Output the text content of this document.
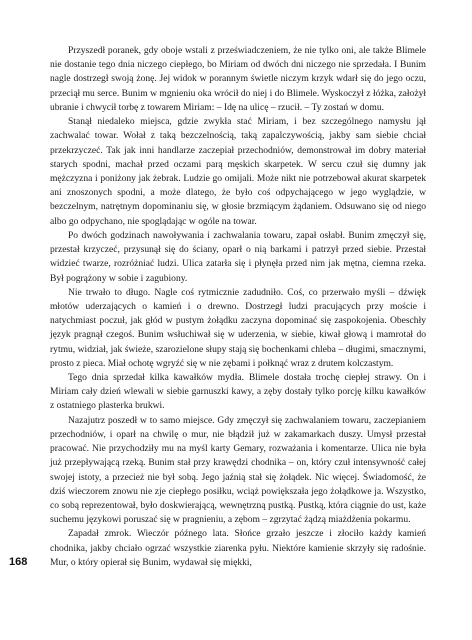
Przyszedł poranek, gdy oboje wstali z przeświadczeniem, że nie tylko oni, ale także Blimele nie dostanie tego dnia niczego ciepłego, bo Miriam od dwóch dni niczego nie sprzedała. I Bunim nagle dostrzegł swoją żonę. Jej widok w porannym świetle niczym krzyk wdarł się do jego oczu, przeciął mu serce. Bunim w mgnieniu oka wrócił do niej i do Blimele. Wyskoczył z łóżka, założył ubranie i chwycił torbę z towarem Miriam: – Idę na ulicę – rzucił. – Ty zostań w domu.

Stanął niedaleko miejsca, gdzie zwykła stać Miriam, i bez szczególnego namysłu jął zachwalać towar. Wołał z taką bezczelnością, taką zapalczywością, jakby sam siebie chciał przekrzyczeć. Tak jak inni handlarze zaczepiał przechodniów, demonstrował im dobry materiał starych spodni, machał przed oczami parą męskich skarpetek. W sercu czuł się dumny jak mężczyzna i poniżony jak żebrak. Ludzie go omijali. Może nikt nie potrzebował akurat skarpetek ani znoszonych spodni, a może dlatego, że było coś odpychającego w jego wyglądzie, w bezczelnym, natrętnym dopominaniu się, w głosie brzmiącym żądaniem. Odsuwano się od niego albo go odpychano, nie spoglądając w ogóle na towar.

Po dwóch godzinach nawoływania i zachwalania towaru, zapał osłabł. Bunim zmęczył się, przestał krzyczeć, przysunął się do ściany, oparł o nią barkami i patrzył przed siebie. Przestał widzieć twarze, rozróżniać ludzi. Ulica zatarła się i płynęła przed nim jak mętna, ciemna rzeka. Był pogrążony w sobie i zagubiony.

Nie trwało to długo. Nagle coś rytmicznie zadudniło. Coś, co przerwało myśli – dźwięk młotów uderzających o kamień i o drewno. Dostrzegł ludzi pracujących przy moście i natychmiast poczuł, jak głód w pustym żołądku zaczyna dopominać się zaspokojenia. Obeschły język pragnął czegoś. Bunim wsłuchiwał się w uderzenia, w siebie, kiwał głową i mamrotał do rytmu, widział, jak świeże, szarozielone słupy stają się bochenkami chleba – długimi, smacznymi, prosto z pieca. Miał ochotę wgryźć się w nie zębami i połknąć wraz z drutem kolczastym.

Tego dnia sprzedał kilka kawałków mydła. Blimele dostała trochę ciepłej strawy. On i Miriam cały dzień wlewali w siebie garnuszki kawy, a zęby dostały tylko porcję kilku kawałków z ostatniego plasterka brukwi.

Nazajutrz poszedł w to samo miejsce. Gdy zmęczył się zachwalaniem towaru, zaczepianiem przechodniów, i oparł na chwilę o mur, nie błądził już w zakamarkach duszy. Umysł przestał pracować. Nie przychodziły mu na myśl karty Gemary, rozważania i komentarze. Ulica nie była już przepływającą rzeką. Bunim stał przy krawędzi chodnika – on, który czuł intensywność całej swojej istoty, a przecież nie był sobą. Jego jaźnią stał się żołądek. Nic więcej. Świadomość, że dziś wieczorem znowu nie zje ciepłego posiłku, wciąż powiększała jego żołądkowe ja. Wszystko, co sobą reprezentował, było doskwierającą, wewnętrzną pustką. Pustką, która ciągnie do ust, każe suchemu językowi poruszać się w pragnieniu, a zębom – zgrzytać żądzą miażdżenia pokarmu.

Zapadał zmrok. Wieczór późnego lata. Słońce grzało jeszcze i złociło każdy kamień chodnika, jakby chciało ogrzać wszystkie ziarenka pyłu. Niektóre kamienie skrzyły się radośnie. Mur, o który opierał się Bunim, wydawał się miękki,

168
